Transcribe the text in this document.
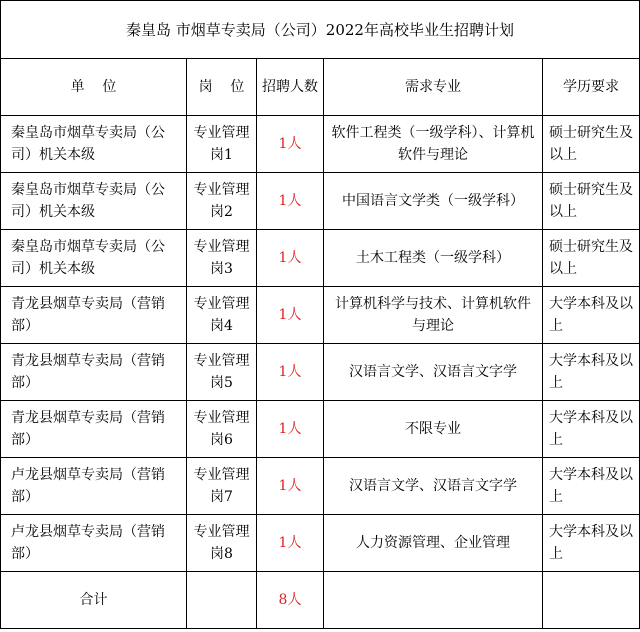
秦皇岛 市烟草专卖局（公司）2022年高校毕业生招聘计划				
单    位	岗    位	招聘人数	需求专业	学历要求
秦皇岛市烟草专卖局（公司）机关本级	专业管理岗1	1人	软件工程类（一级学科）、计算机软件与理论	硕士研究生及以上
秦皇岛市烟草专卖局（公司）机关本级	专业管理岗2	1人	中国语言文学类（一级学科）	硕士研究生及以上
秦皇岛市烟草专卖局（公司）机关本级	专业管理岗3	1人	土木工程类（一级学科）	硕士研究生及以上
青龙县烟草专卖局（营销部）	专业管理岗4	1人	计算机科学与技术、计算机软件与理论	大学本科及以上
青龙县烟草专卖局（营销部）	专业管理岗5	1人	汉语言文学、汉语言文字学	大学本科及以上
青龙县烟草专卖局（营销部）	专业管理岗6	1人	不限专业	大学本科及以上
卢龙县烟草专卖局（营销部）	专业管理岗7	1人	汉语言文学、汉语言文字学	大学本科及以上
卢龙县烟草专卖局（营销部）	专业管理岗8	1人	人力资源管理、企业管理	大学本科及以上
合计		8人		
